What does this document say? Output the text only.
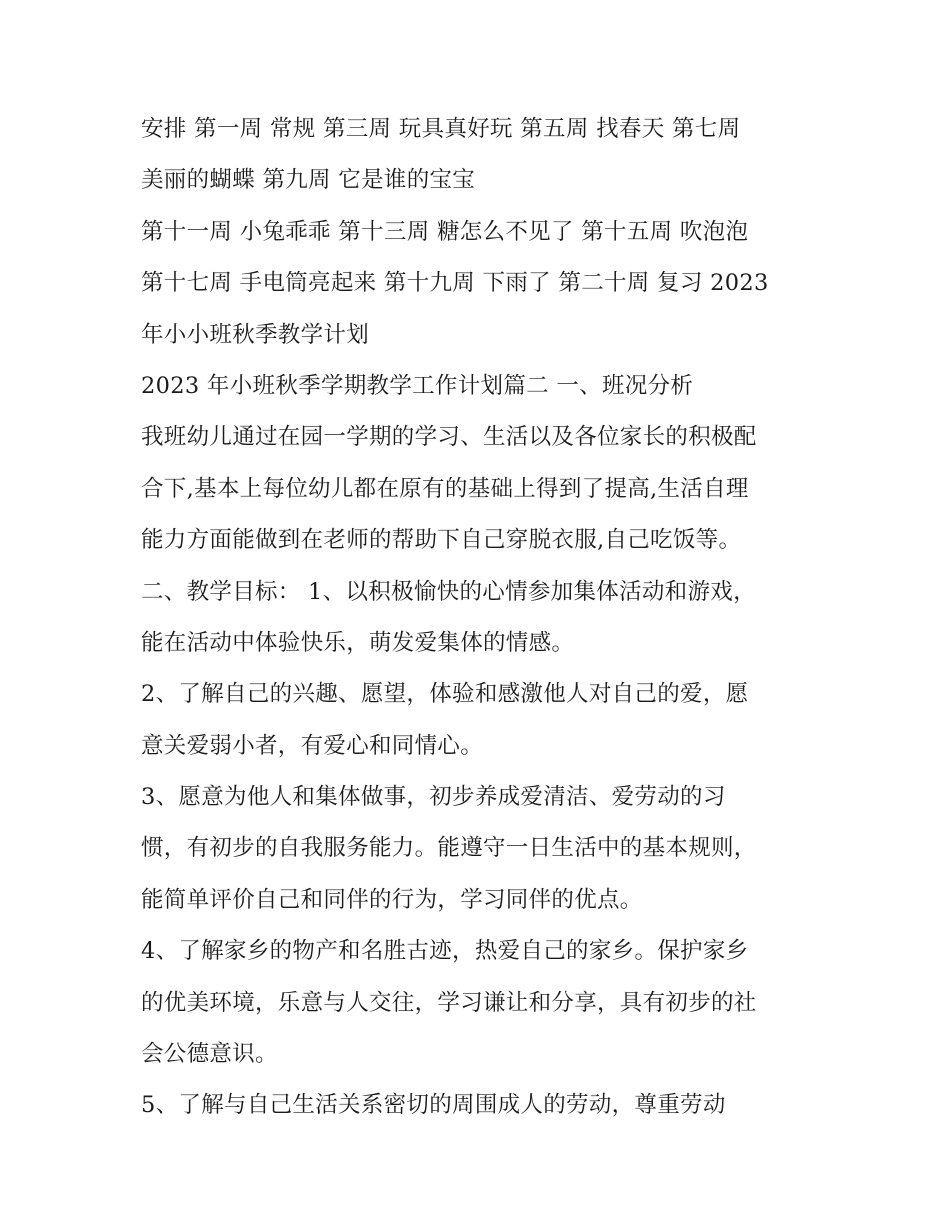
安排 第一周 常规 第三周 玩具真好玩 第五周 找春天 第七周
美丽的蝴蝶 第九周 它是谁的宝宝
第十一周 小兔乖乖 第十三周 糖怎么不见了 第十五周 吹泡泡
第十七周 手电筒亮起来 第十九周 下雨了 第二十周 复习 2023
年小小班秋季教学计划
2023 年小班秋季学期教学工作计划篇二 一、班况分析
我班幼儿通过在园一学期的学习、生活以及各位家长的积极配
合下,基本上每位幼儿都在原有的基础上得到了提高,生活自理
能力方面能做到在老师的帮助下自己穿脱衣服,自己吃饭等。
二、教学目标： 1、以积极愉快的心情参加集体活动和游戏，
能在活动中体验快乐，萌发爱集体的情感。
2、了解自己的兴趣、愿望，体验和感激他人对自己的爱，愿
意关爱弱小者，有爱心和同情心。
3、愿意为他人和集体做事，初步养成爱清洁、爱劳动的习
惯，有初步的自我服务能力。能遵守一日生活中的基本规则，
能简单评价自己和同伴的行为，学习同伴的优点。
4、了解家乡的物产和名胜古迹，热爱自己的家乡。保护家乡
的优美环境，乐意与人交往，学习谦让和分享，具有初步的社
会公德意识。
5、了解与自己生活关系密切的周围成人的劳动，尊重劳动
